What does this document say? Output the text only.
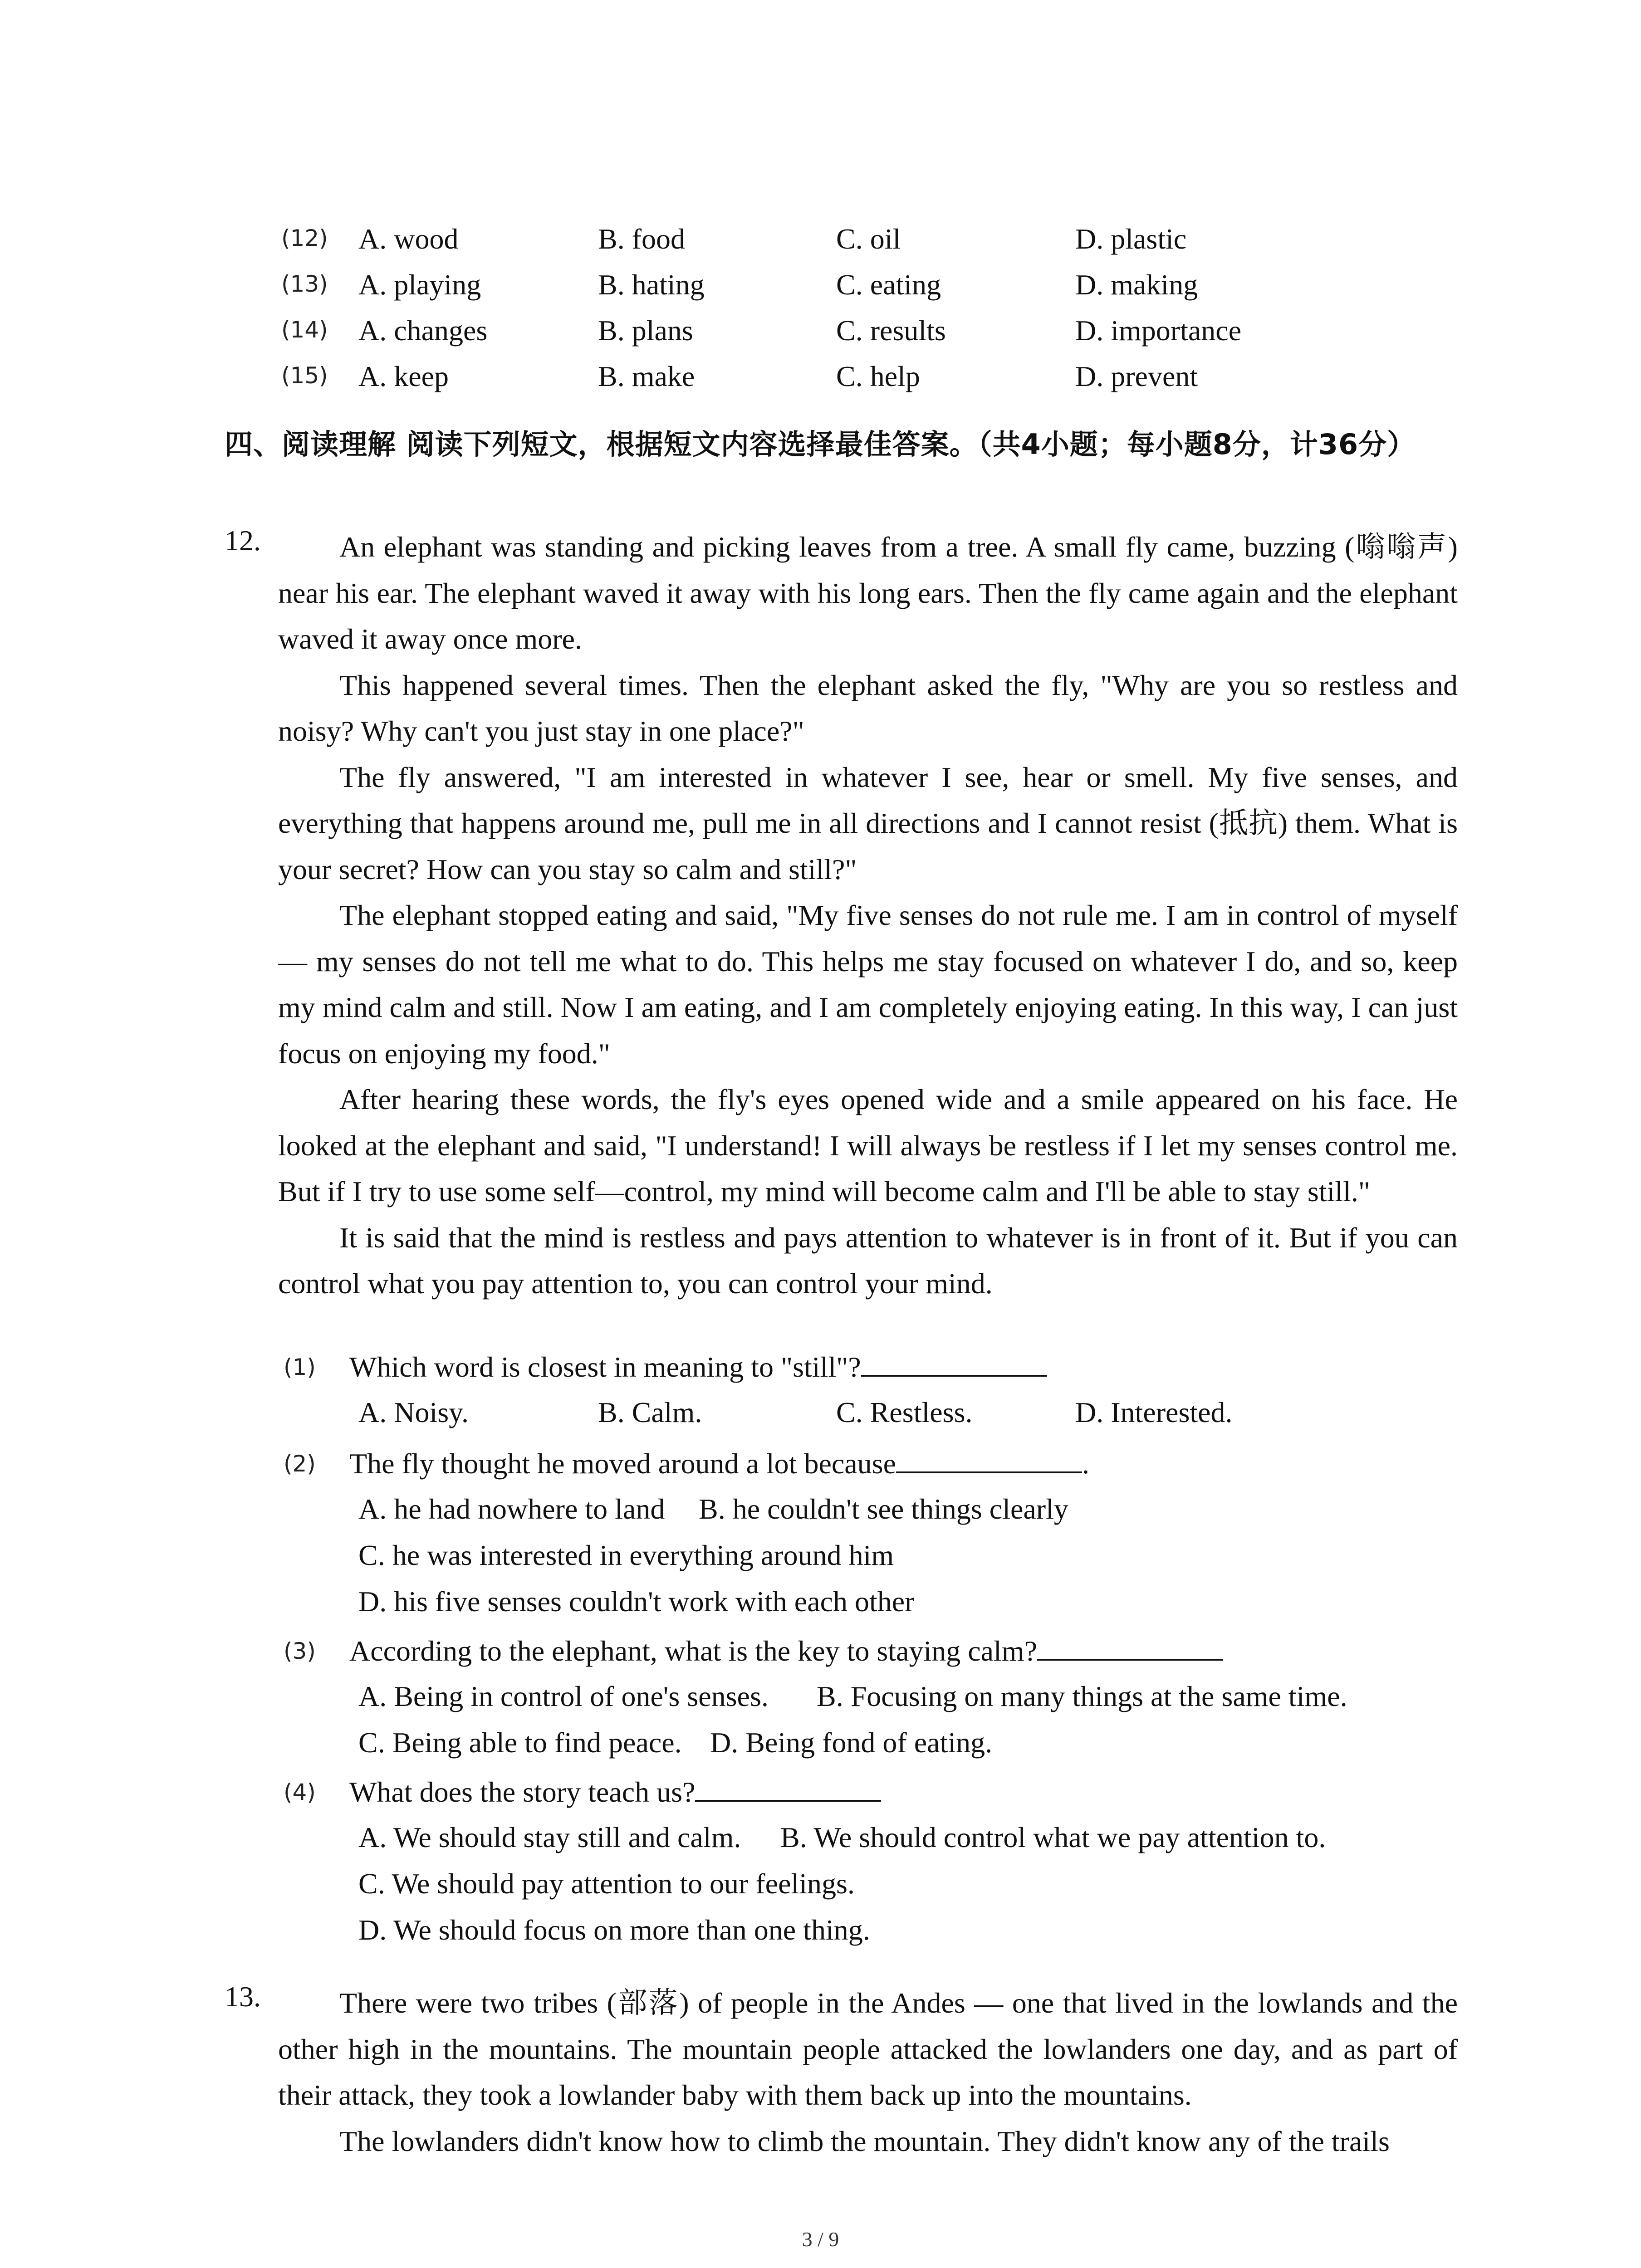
(12) A. wood	B. food	C. oil	D. plastic
(13) A. playing	B. hating	C. eating	D. making
(14) A. changes	B. plans	C. results	D. importance
(15) A. keep	B. make	C. help	D. prevent
四、阅读理解 阅读下列短文，根据短文内容选择最佳答案。（共4小题；每小题8分，计36分）
12.	An elephant was standing and picking leaves from a tree. A small fly came, buzzing (嗡嗡声) near his ear. The elephant waved it away with his long ears. Then the fly came again and the elephant waved it away once more.

This happened several times. Then the elephant asked the fly, "Why are you so restless and noisy? Why can't you just stay in one place?"

The fly answered, "I am interested in whatever I see, hear or smell. My five senses, and everything that happens around me, pull me in all directions and I cannot resist (抵抗) them. What is your secret? How can you stay so calm and still?"

The elephant stopped eating and said, "My five senses do not rule me. I am in control of myself — my senses do not tell me what to do. This helps me stay focused on whatever I do, and so, keep my mind calm and still. Now I am eating, and I am completely enjoying eating. In this way, I can just focus on enjoying my food."

After hearing these words, the fly's eyes opened wide and a smile appeared on his face. He looked at the elephant and said, "I understand! I will always be restless if I let my senses control me. But if I try to use some self—control, my mind will become calm and I'll be able to stay still."

It is said that the mind is restless and pays attention to whatever is in front of it. But if you can control what you pay attention to, you can control your mind.

(1) Which word is closest in meaning to "still"?
A. Noisy.	B. Calm.	C. Restless.	D. Interested.
(2) The fly thought he moved around a lot because	.
A. he had nowhere to land B. he couldn't see things clearly
C. he was interested in everything around him
D. his five senses couldn't work with each other
(3) According to the elephant, what is the key to staying calm?
A. Being in control of one's senses. B. Focusing on many things at the same time.
C. Being able to find peace. D. Being fond of eating.
(4) What does the story teach us?
A. We should stay still and calm. B. We should control what we pay attention to.
C. We should pay attention to our feelings.
D. We should focus on more than one thing.
13.	There were two tribes (部落) of people in the Andes — one that lived in the lowlands and the other high in the mountains. The mountain people attacked the lowlanders one day, and as part of their attack, they took a lowlander baby with them back up into the mountains.

The lowlanders didn't know how to climb the mountain. They didn't know any of the trails

3 / 9
